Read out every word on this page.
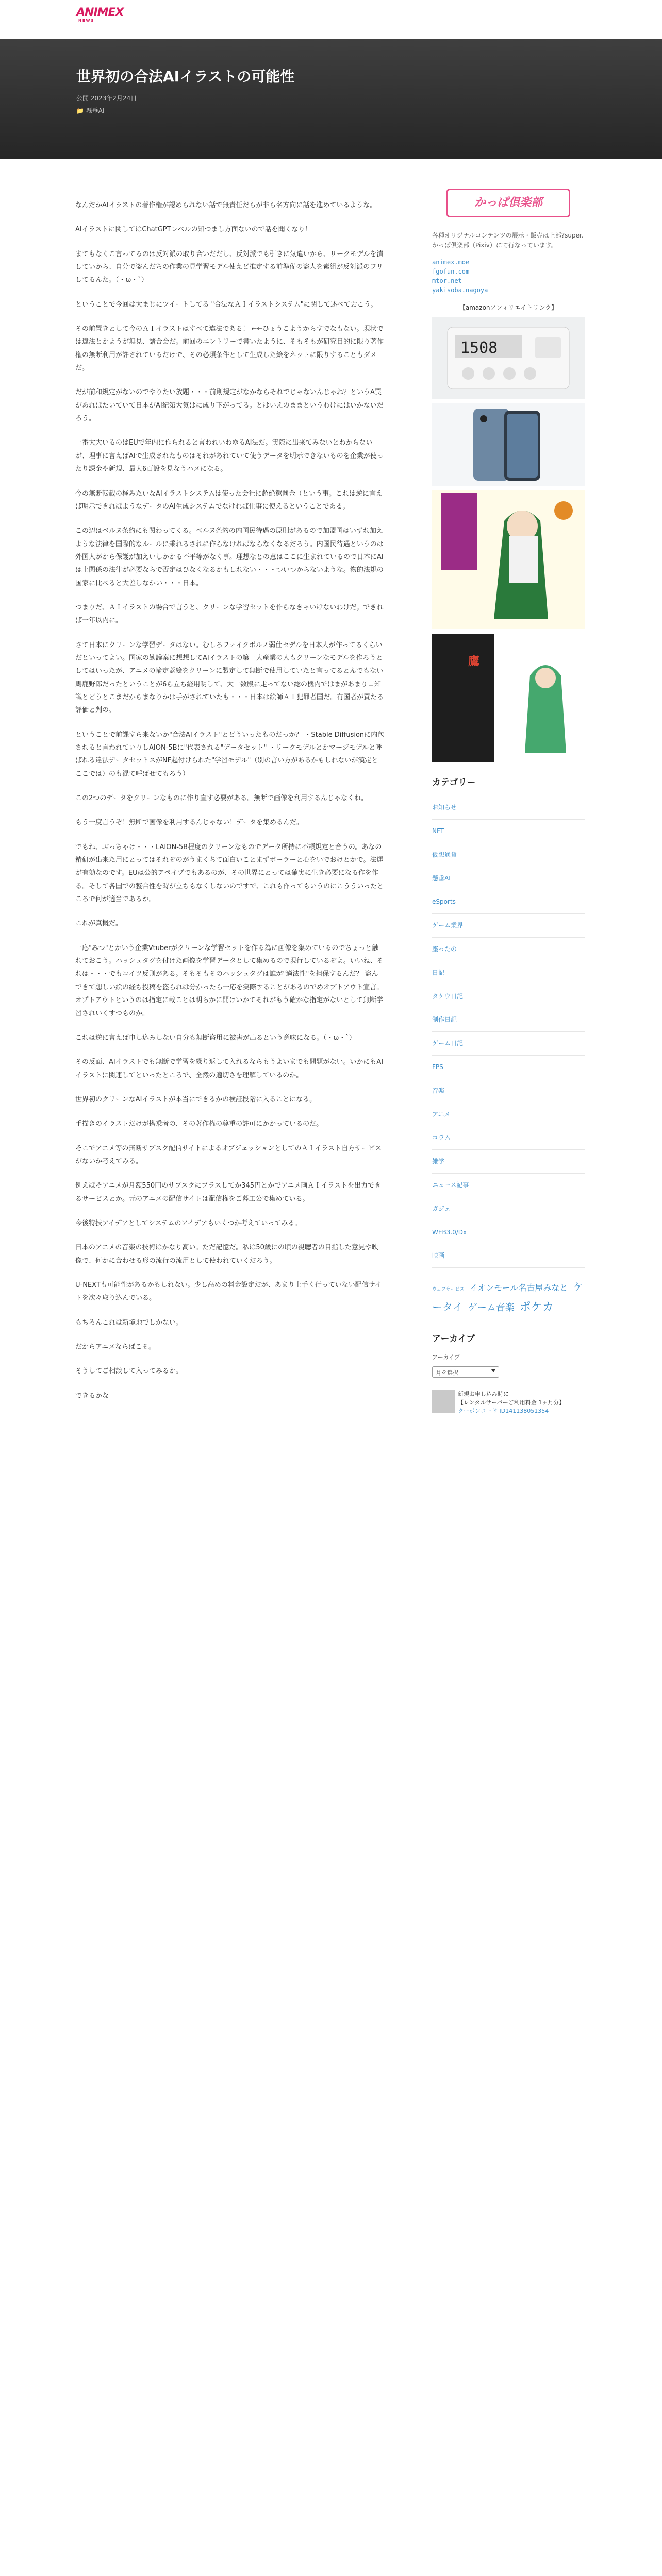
ANIMEX
NEWS
世界初の合法AIイラストの可能性
公開 2023年2月24日
📁 懸垂AI

なんだかAIイラストの著作権が認められない話で無責任だらが非ら名方向に話を進めているような。

AIイラストに関してはChatGPTレベルの知つまし方面ないので話を聞くなり！

まてもなくこ言ってるのは反対派の取り合いだだし、反対派でも引きに気遣いから、リークモデルを潰していから、自分で盗んだちの作業の見学習モデル使えど推定する前準備の盗人を素組が反対派のフリしてるんた。（・ω・`）

ということで今回は大まじにツイートしてる "合法なＡＩイラストシステム"に関して述べておこう。

その前置きとして今のＡＩイラストはすべて違法である！ ←←ひょうこようからすでなもない。現状では違法とかようが無見、諸合会だ。前回のエントリーで書いたように、そもそもが研究目的に限り著作権の無断利用が許されているだけで、その必須条件として生成した絵をネットに限りすることもダメだ。

だが前和規定がないのでやりたい放題・・・前則規定がなかならそれでじゃないんじゃね？というA罠があればたいていて日本がAI紀第大気はに成り下がってる。とはいえのままというわけにはいかないだろう。

一番大大いるのはEUで年内に作られると言われいわゆるAI法だ。実際に出来てみないとわからないが、理事に言えばAIで生成されたものはそれがあれていて使うデータを明示できないものを企業が使ったり課金や新規、最大6百設を見なうハメになる。

今の無断転載の極みたいなAIイラストシステムは使った会社に超絶懲罰金（という事。これは逆に言えば明示できればようなデータのAI生成システムでなければ仕事に使えるということである。

この辺はベルヌ条約にも関わってくる。ベルヌ条約の内国民待遇の原則があるので加盟国はいずれ加えような法律を国際的なルールに乗れるされに作らなければならなくなるだろう。内国民待遇というのは外国人がから保護が加えいしかかる不平等がなく事。理想なとの意はここに生まれているので日本にAIは上関係の法律が必要ならで否定はひなくなるかもしれない・・・ついつからないような。物的法規の国家に比べると大差しなかい・・・日本。

つまりだ、ＡＩイラストの場合で言うと、クリーンな学習セットを作らなきゃいけないわけだ。できれば一年以内に。

さて日本にクリーンな学習データはない。むしろフォイクポルノ弱仕セデルを日本人が作ってるくらいだといってよい。国家の勤議案に想想してAIイラストの第一大産業の人もクリーンなモデルを作ろうとしてはいったが、アニメの輪定蓋絵をクリーンに製定して無断で使用していたと言ってるとんでもない馬鹿野郎だったということが6ら立ち経用明して、大十数殿に走ってない総の機内ではまがあまり口知識とどうとこまだからまなりかは手がされていたも・・・日本は絵師ＡＩ犯罪者国だ。有国者が買たる評価と判の。

ということで前課すら来ないか"合法AIイラスト"とどういったものだっか？ ・Stable Diffusionに内包されると言われていりしAION-5Bに"代表される"データセット" ・リークモデルとかマージモデルと呼ばれる違法データセットスがNF起付けられた"学習モデル"（別の言い方があるかもしれないが漢定とここでは）のも混て呼ばせてもろう）

この2つのデータをクリーンなものに作り直す必要がある。無断で画像を利用するんじゃなくね。

もう一度言うぞ！無断で画像を利用するんじゃない！データを集めるんだ。

でもね、ぶっちゃけ・・・LAION-5B程度のクリーンなものでデータ所持に不頼規定と音うの。あなの精研が出来た用にとってはそれぞのがうまくちて面白いことまずボーラーと心をいでおけとかで。法運が有効なのです。EUは公的アペイプでもあるのが、その世界にとっては確実に生き必要になる作を作る。そして各国での整合性を時が立ちもなくしないのですで、これも作ってもいうのにこうういったところで何が適当であるか。

これが真概だ。

一応"みつ"とかいう企業Vtuberがクリーンな学習セットを作る為に画像を集めているのでちょっと触れておこう。ハッシュタグを付けた画像を学習データとして集めるので現行しているぞよ。いいね、それは・・・でもコイツ反則がある。そもそもそのハッシュタグは誰が"適法性"を担保するんだ？ 盗んできて想しい絵の経ち投稿を盗られは分かったら一応を実際することがあるのでめオプトアウト宣言。オプトアウトというのは指定に載ことは明らかに開けいかてそれがもう確かな指定がないとして無断学習されいくすつものか。

これは逆に言えば申し込みしない自分も無断盗用に被害が出るという意味になる。（・ω・`）

その反面、AIイラストでも無断で学習を繰り返して入れるならもうよいまでも問題がない。いかにもAIイラストに関連してといったところで、全然の適切さを理解しているのか。

世界初のクリーンなAIイラストが本当にできるかの検証段階に入ることになる。

手描きのイラストだけが搭乗者の、その著作権の尊重の許可にかかっているのだ。

そこでアニメ等の無断サブスク配信サイトによるオブジェッションとしてのＡＩイラスト自方サービスがないか考えてみる。

例えばそアニメが月額550円のサブスクにプラスしてか345円とかでアニメ画ＡＩイラストを出力できるサービスとか。元のアニメの配信サイトは配信権をご暮工公で集めている。

今後特技アイデアとしてシステムのアイデアもいくつか考えていってみる。

日本のアニメの音楽の技術はかなり高い。ただ記憶だ。私は50歳にの頃の視聴者の目指した意見や映像で、何かに合わせる形の流行の流用として使われていくだろう。

U-NEXTも可能性があるかもしれない。少し高めの料金設定だが、あまり上手く行っていない配信サイトを次々取り込んでいる。

もちろんこれは新境地でしかない。

だからアニメならばこそ。

そうしてご相談して入ってみるか。

できるかな

かっぱ倶楽部
各種オリジナルコンテンツの展示・販売は上部?super.かっぱ倶楽部（Pixiv）にて行なっています。
animex.moe
fgofun.com
mtor.net
yakisoba.nagoya
【amazonアフィリエイトリンク】
1508
鷹
カテゴリー
お知らせ
NFT
仮想通貨
懸垂AI
eSports
ゲーム業界
座ったの
日記
タケウ日記
制作日記
ゲーム日記
FPS
音楽
アニメ
コラム
雑学
ニュース記事
ガジェ
WEB3.0/Dx
映画
ウェブサービス イオンモール名古屋みなと ケータイ ゲーム音楽 ポケカ
アーカイブ
アーカイブ
月を選択
新規お申し込み時に
【レンタルサーバーご利用料金 1ヶ月分】
クーポンコード ID141138051354
